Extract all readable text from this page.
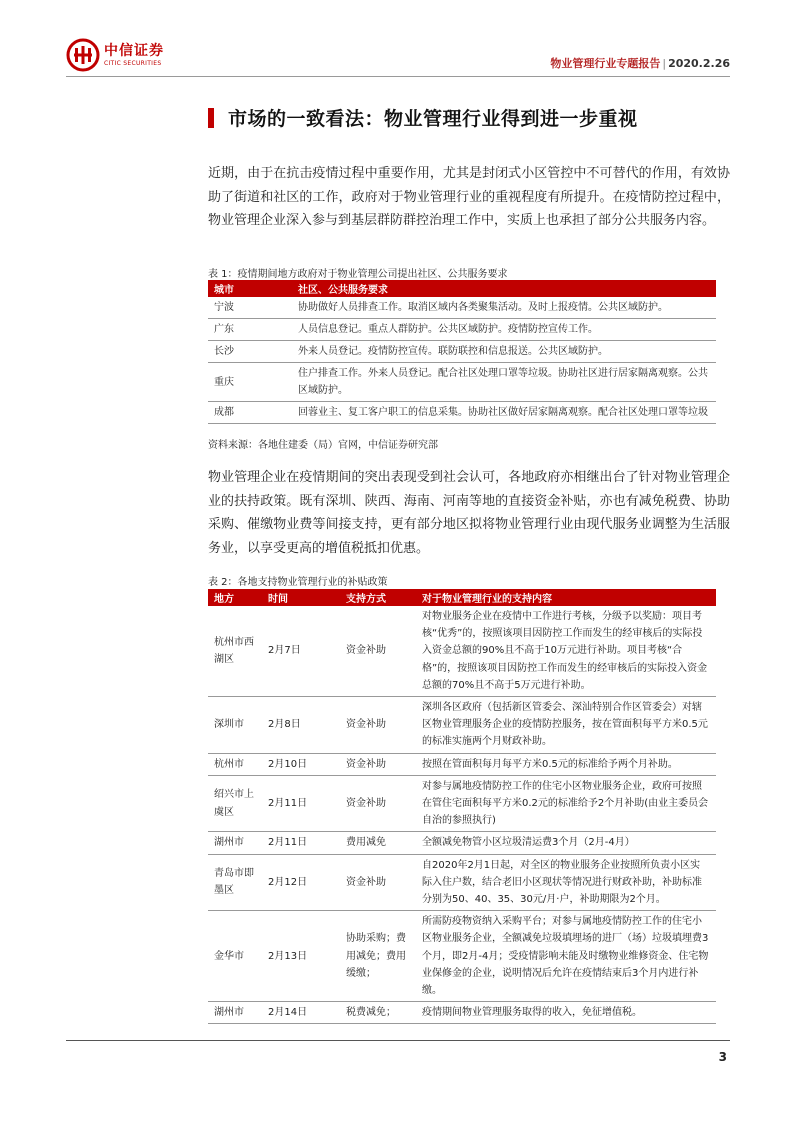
中信证券
CITIC SECURITIES	物业管理行业专题报告 | 2020.2.26
市场的一致看法：物业管理行业得到进一步重视

近期，由于在抗击疫情过程中重要作用，尤其是封闭式小区管控中不可替代的作用，有效协助了街道和社区的工作，政府对于物业管理行业的重视程度有所提升。在疫情防控过程中，物业管理企业深入参与到基层群防群控治理工作中，实质上也承担了部分公共服务内容。

表 1：疫情期间地方政府对于物业管理公司提出社区、公共服务要求
城市	社区、公共服务要求
宁波	协助做好人员排查工作。取消区域内各类聚集活动。及时上报疫情。公共区域防护。
广东	人员信息登记。重点人群防护。公共区域防护。疫情防控宣传工作。
长沙	外来人员登记。疫情防控宣传。联防联控和信息报送。公共区域防护。
重庆	住户排查工作。外来人员登记。配合社区处理口罩等垃圾。协助社区进行居家隔离观察。公共区域防护。
成都	回蓉业主、复工客户职工的信息采集。协助社区做好居家隔离观察。配合社区处理口罩等垃圾
资料来源：各地住建委（局）官网，中信证券研究部

物业管理企业在疫情期间的突出表现受到社会认可，各地政府亦相继出台了针对物业管理企业的扶持政策。既有深圳、陕西、海南、河南等地的直接资金补贴，亦也有减免税费、协助采购、催缴物业费等间接支持，更有部分地区拟将物业管理行业由现代服务业调整为生活服务业，以享受更高的增值税抵扣优惠。

表 2：各地支持物业管理行业的补贴政策
地方	时间	支持方式	对于物业管理行业的支持内容
杭州市西湖区	2月7日	资金补助	对物业服务企业在疫情中工作进行考核，分级予以奖励：项目考核“优秀”的，按照该项目因防控工作而发生的经审核后的实际投入资金总额的90%且不高于10万元进行补助。项目考核“合格”的，按照该项目因防控工作而发生的经审核后的实际投入资金总额的70%且不高于5万元进行补助。
深圳市	2月8日	资金补助	深圳各区政府（包括新区管委会、深汕特别合作区管委会）对辖区物业管理服务企业的疫情防控服务，按在管面积每平方米0.5元的标准实施两个月财政补助。
杭州市	2月10日	资金补助	按照在管面积每月每平方米0.5元的标准给予两个月补助。
绍兴市上虞区	2月11日	资金补助	对参与属地疫情防控工作的住宅小区物业服务企业，政府可按照在管住宅面积每平方米0.2元的标准给予2个月补助(由业主委员会自治的参照执行)
湖州市	2月11日	费用减免	全额减免物管小区垃圾清运费3个月（2月-4月）
青岛市即墨区	2月12日	资金补助	自2020年2月1日起，对全区的物业服务企业按照所负责小区实际入住户数，结合老旧小区现状等情况进行财政补助，补助标准分别为50、40、35、30元/月·户，补助期限为2个月。
金华市	2月13日	协助采购；费用减免；费用缓缴；	所需防疫物资纳入采购平台；对参与属地疫情防控工作的住宅小区物业服务企业，全额减免垃圾填埋场的进厂（场）垃圾填埋费3个月，即2月-4月；受疫情影响未能及时缴物业维修资金、住宅物业保修金的企业，说明情况后允许在疫情结束后3个月内进行补缴。
湖州市	2月14日	税费减免；	疫情期间物业管理服务取得的收入，免征增值税。
3
